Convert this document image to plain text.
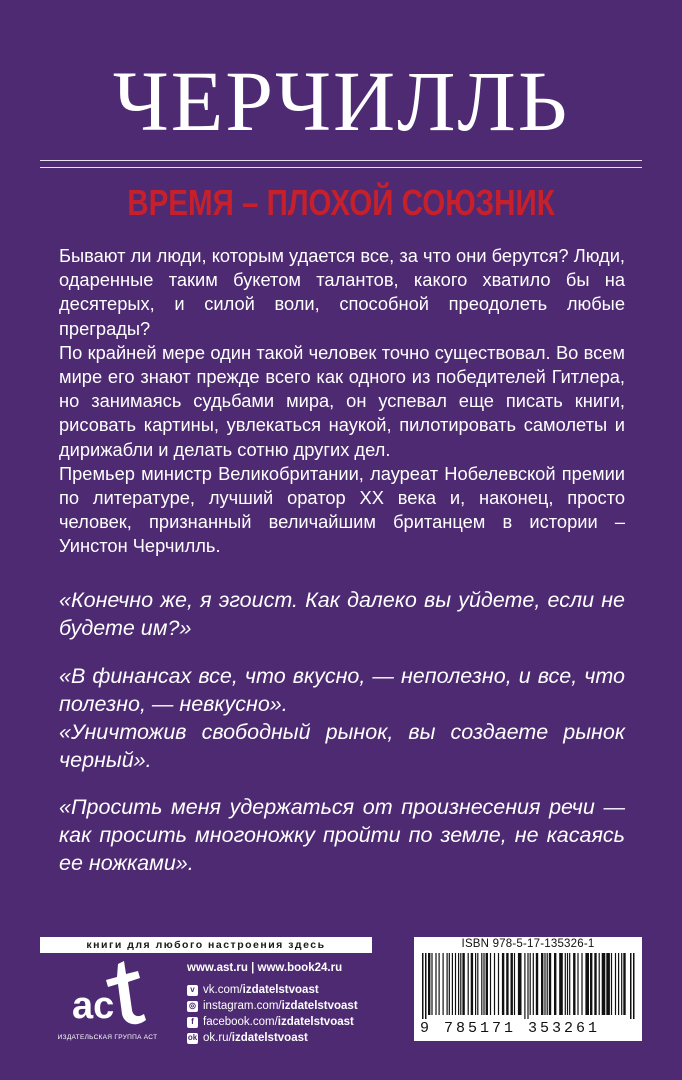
ЧЕРЧИЛЛЬ
ВРЕМЯ – ПЛОХОЙ СОЮЗНИК

Бывают ли люди, которым удается все, за что они берутся? Люди, одаренные таким букетом талантов, какого хватило бы на десятерых, и силой воли, способной преодолеть любые преграды?

По крайней мере один такой человек точно существовал. Во всем мире его знают прежде всего как одного из победителей Гитлера, но занимаясь судьбами мира, он успевал еще писать книги, рисовать картины, увлекаться наукой, пилотировать самолеты и дирижабли и делать сотню других дел.

Премьер министр Великобритании, лауреат Нобелевской премии по литературе, лучший оратор XX века и, наконец, просто человек, признанный величайшим британцем в истории – Уинстон Черчилль.

«Конечно же, я эгоист. Как далеко вы уйдете, если не будете им?»

«В финансах все, что вкусно, — неполезно, и все, что полезно, — невкусно».

«Уничтожив свободный рынок, вы создаете рынок черный».

«Просить меня удержаться от произнесения речи — как просить многоножку пройти по земле, не касаясь ее ножками».

книги для любого настроения здесь
ас
ИЗДАТЕЛЬСКАЯ ГРУППА АСТ
www.ast.ru | www.book24.ru
v vk.com/ izdatelstvoast
◎ instagram.com/ izdatelstvoast
f facebook.com/ izdatelstvoast
ok ok.ru/ izdatelstvoast
ISBN 978-5-17-135326-1
9 785171 353261
